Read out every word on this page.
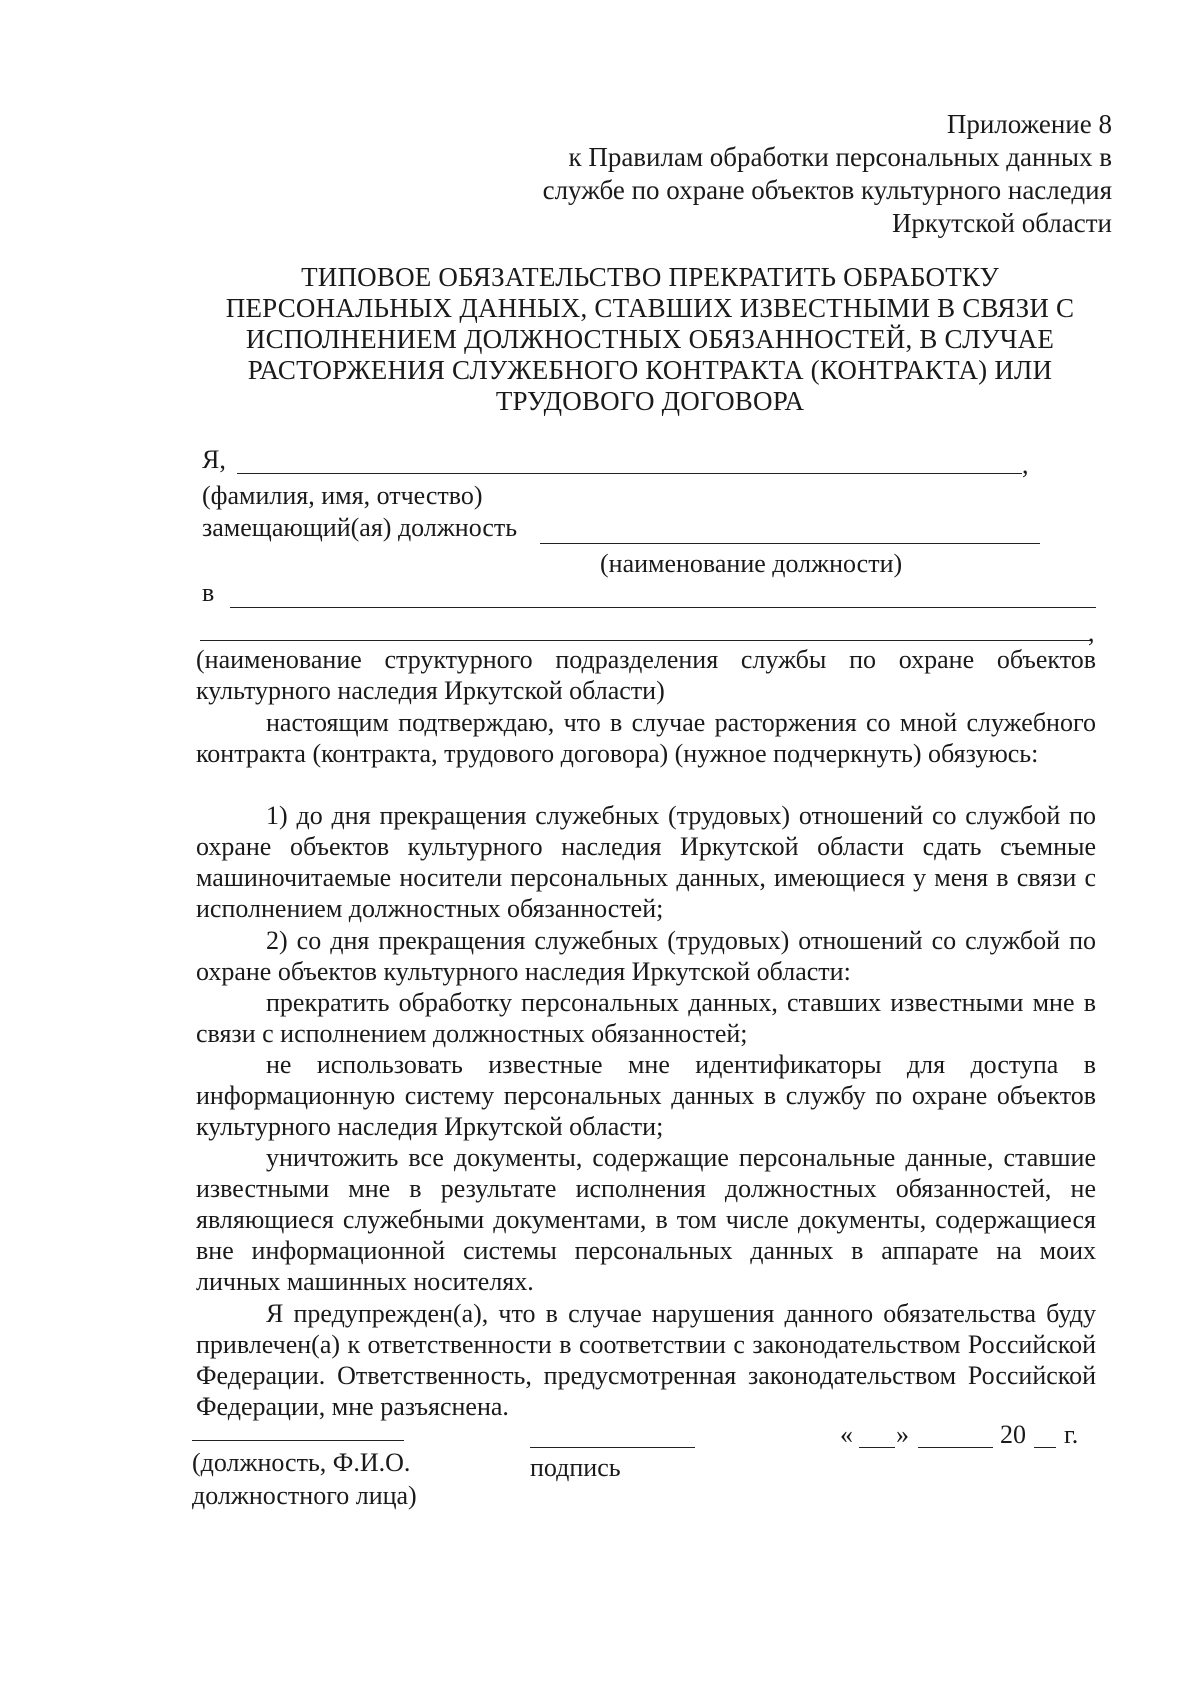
Приложение 8
к Правилам обработки персональных данных в
службе по охране объектов культурного наследия
Иркутской области
ТИПОВОЕ ОБЯЗАТЕЛЬСТВО ПРЕКРАТИТЬ ОБРАБОТКУ
ПЕРСОНАЛЬНЫХ ДАННЫХ, СТАВШИХ ИЗВЕСТНЫМИ В СВЯЗИ С
ИСПОЛНЕНИЕМ ДОЛЖНОСТНЫХ ОБЯЗАННОСТЕЙ, В СЛУЧАЕ
РАСТОРЖЕНИЯ СЛУЖЕБНОГО КОНТРАКТА (КОНТРАКТА) ИЛИ
ТРУДОВОГО ДОГОВОРА
Я,	,
(фамилия, имя, отчество)
замещающий(ая) должность
(наименование должности)
в
,
(наименование структурного подразделения службы по охране объектов культурного наследия Иркутской области)
настоящим подтверждаю, что в случае расторжения со мной служебного контракта (контракта, трудового договора) (нужное подчеркнуть) обязуюсь:
1) до дня прекращения служебных (трудовых) отношений со службой по охране объектов культурного наследия Иркутской области сдать съемные машиночитаемые носители персональных данных, имеющиеся у меня в связи с исполнением должностных обязанностей;
2) со дня прекращения служебных (трудовых) отношений со службой по охране объектов культурного наследия Иркутской области:
прекратить обработку персональных данных, ставших известными мне в связи с исполнением должностных обязанностей;
не использовать известные мне идентификаторы для доступа в информационную систему персональных данных в службу по охране объектов культурного наследия Иркутской области;
уничтожить все документы, содержащие персональные данные, ставшие известными мне в результате исполнения должностных обязанностей, не являющиеся служебными документами, в том числе документы, содержащиеся вне информационной системы персональных данных в аппарате на моих личных машинных носителях.
Я предупрежден(а), что в случае нарушения данного обязательства буду привлечен(а) к ответственности в соответствии с законодательством Российской Федерации. Ответственность, предусмотренная законодательством Российской Федерации, мне разъяснена.
(должность, Ф.И.О.
должностного лица)
подпись
« »	20 г.
